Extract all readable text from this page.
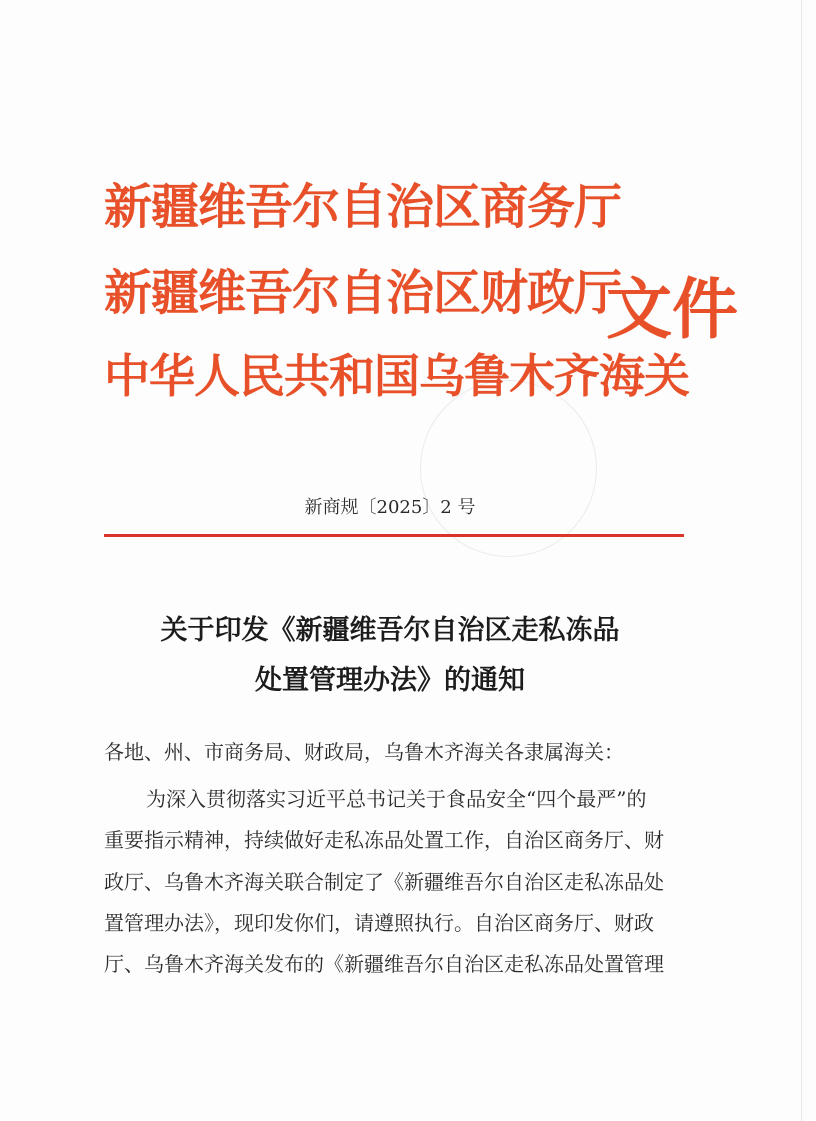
新疆维吾尔自治区商务厅
新疆维吾尔自治区财政厅
中华人民共和国乌鲁木齐海关
文件
新商规〔2025〕2 号
关于印发《新疆维吾尔自治区走私冻品
处置管理办法》的通知
各地、州、市商务局、财政局，乌鲁木齐海关各隶属海关：
为深入贯彻落实习近平总书记关于食品安全“四个最严”的
重要指示精神，持续做好走私冻品处置工作，自治区商务厅、财
政厅、乌鲁木齐海关联合制定了《新疆维吾尔自治区走私冻品处
置管理办法》，现印发你们，请遵照执行。自治区商务厅、财政
厅、乌鲁木齐海关发布的《新疆维吾尔自治区走私冻品处置管理
